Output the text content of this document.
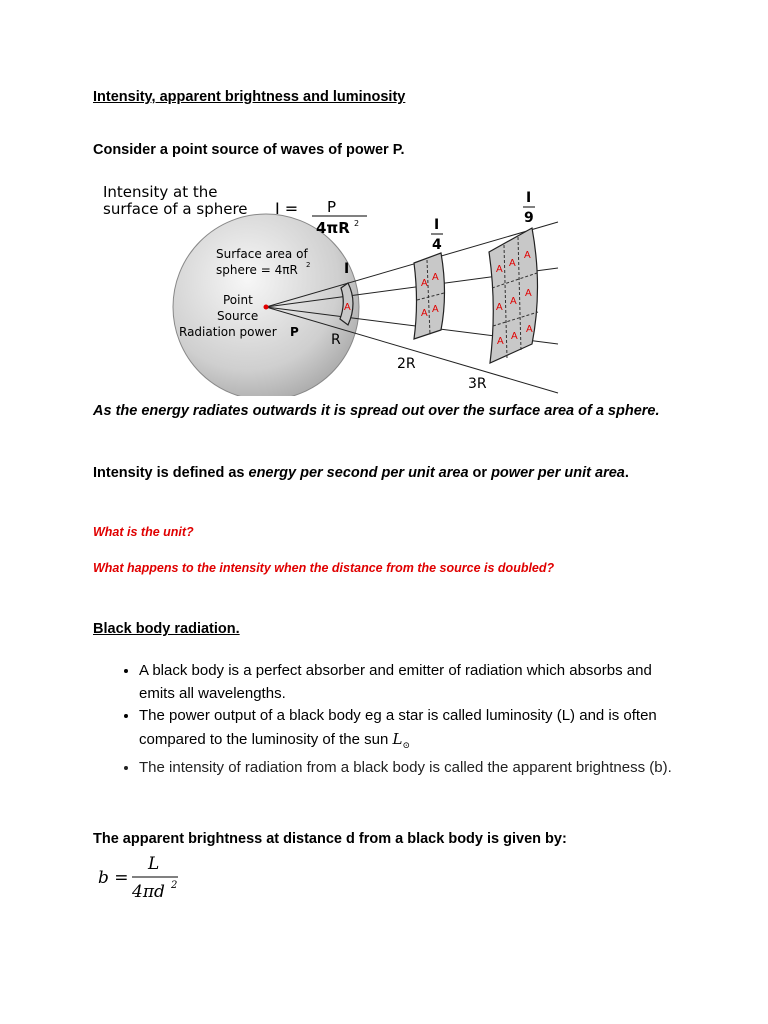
Intensity, apparent brightness and luminosity

Consider a point source of waves of power P.

A
A
A
A A
A
A
A
A
A
A
A A
A
Intensity at the
surface of a sphere I = P
4πR 2
Surface area of
sphere = 4πR 2
Point
Source
Radiation power P
I
I
4
I
9
R
2R
3R

As the energy radiates outwards it is spread out over the surface area of a sphere.

Intensity is defined as energy per second per unit area or power per unit area.

What is the unit?

What happens to the intensity when the distance from the source is doubled?

Black body radiation.

• A black body is a perfect absorber and emitter of radiation which absorbs and emits all wavelengths.
• The power output of a black body eg a star is called luminosity (L) and is often compared to the luminosity of the sun $L_⊙$
• The intensity of radiation from a black body is called the apparent brightness (b).

The apparent brightness at distance d from a black body is given by:

b =
L
4πd 2
